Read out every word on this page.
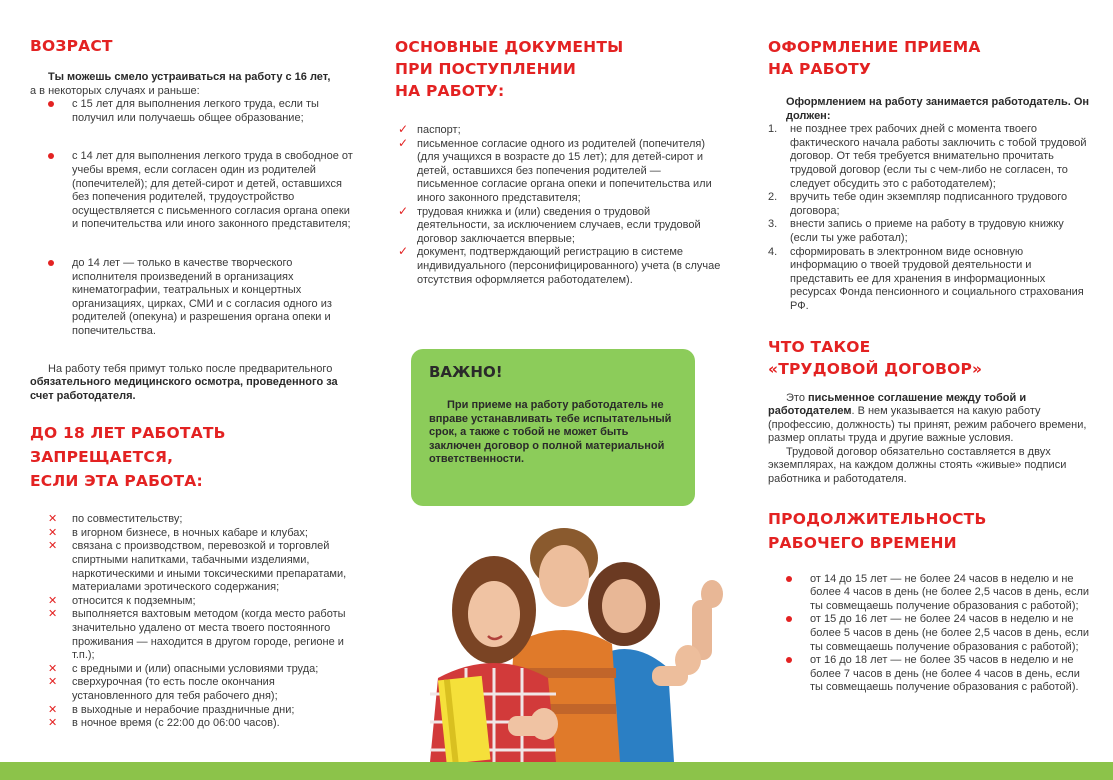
ВОЗРАСТ

Ты можешь смело устраиваться на работу с 16 лет,

а в некоторых случаях и раньше:

с 15 лет для выполнения легкого труда, если ты получил или получаешь общее образование;
с 14 лет для выполнения легкого труда в свободное от учебы время, если согласен один из родителей (попечителей); для детей-сирот и детей, оставшихся без попечения родителей, трудоустройство осуществляется с письменного согласия органа опеки и попечительства или иного законного представителя;
до 14 лет — только в качестве творческого исполнителя произведений в организациях кинематографии, театральных и концертных организациях, цирках, СМИ и с согласия одного из родителей (опекуна) и разрешения органа опеки и попечительства.

На работу тебя примут только после предварительного обязательного медицинского осмотра, проведенного за счет работодателя.

ДО 18 ЛЕТ РАБОТАТЬ
ЗАПРЕЩАЕТСЯ,
ЕСЛИ ЭТА РАБОТА:
✕ по совместительству;
✕ в игорном бизнесе, в ночных кабаре и клубах;
✕ связана с производством, перевозкой и торговлей спиртными напитками, табачными изделиями, наркотическими и иными токсическими препаратами, материалами эротического содержания;
✕ относится к подземным;
✕ выполняется вахтовым методом (когда место работы значительно удалено от места твоего постоянного проживания — находится в другом городе, регионе и т.п.);
✕ с вредными и (или) опасными условиями труда;
✕ сверхурочная (то есть после окончания установленного для тебя рабочего дня);
✕ в выходные и нерабочие праздничные дни;
✕ в ночное время (с 22:00 до 06:00 часов).
ОСНОВНЫЕ ДОКУМЕНТЫ
ПРИ ПОСТУПЛЕНИИ
НА РАБОТУ:
✓ паспорт;
✓ письменное согласие одного из родителей (попечителя) (для учащихся в возрасте до 15 лет); для детей-сирот и детей, оставшихся без попечения родителей — письменное согласие органа опеки и попечительства или иного законного представителя;
✓ трудовая книжка и (или) сведения о трудовой деятельности, за исключением случаев, если трудовой договор заключается впервые;
✓ документ, подтверждающий регистрацию в системе индивидуального (персонифицированного) учета (в случае отсутствия оформляется работодателем).
ВАЖНО!

При приеме на работу работодатель не вправе устанавливать тебе испытательный срок, а также с тобой не может быть заключен договор о полной материальной ответственности.

ОФОРМЛЕНИЕ ПРИЕМА
НА РАБОТУ

Оформлением на работу занимается работодатель. Он должен:

1. не позднее трех рабочих дней с момента твоего фактического начала работы заключить с тобой трудовой договор. От тебя требуется внимательно прочитать трудовой договор (если ты с чем-либо не согласен, то следует обсудить это с работодателем);
2. вручить тебе один экземпляр подписанного трудового договора;
3. внести запись о приеме на работу в трудовую книжку (если ты уже работал);
4. сформировать в электронном виде основную информацию о твоей трудовой деятельности и представить ее для хранения в информационных ресурсах Фонда пенсионного и социального страхования РФ.
ЧТО ТАКОЕ
«ТРУДОВОЙ ДОГОВОР»

Это письменное соглашение между тобой и работодателем. В нем указывается на какую работу (профессию, должность) ты принят, режим рабочего времени, размер оплаты труда и другие важные условия.

Трудовой договор обязательно составляется в двух экземплярах, на каждом должны стоять «живые» подписи работника и работодателя.

ПРОДОЛЖИТЕЛЬНОСТЬ
РАБОЧЕГО ВРЕМЕНИ
от 14 до 15 лет — не более 24 часов в неделю и не более 4 часов в день (не более 2,5 часов в день, если ты совмещаешь получение образования с работой);
от 15 до 16 лет — не более 24 часов в неделю и не более 5 часов в день (не более 2,5 часов в день, если ты совмещаешь получение образования с работой);
от 16 до 18 лет — не более 35 часов в неделю и не более 7 часов в день (не более 4 часов в день, если ты совмещаешь получение образования с работой).
